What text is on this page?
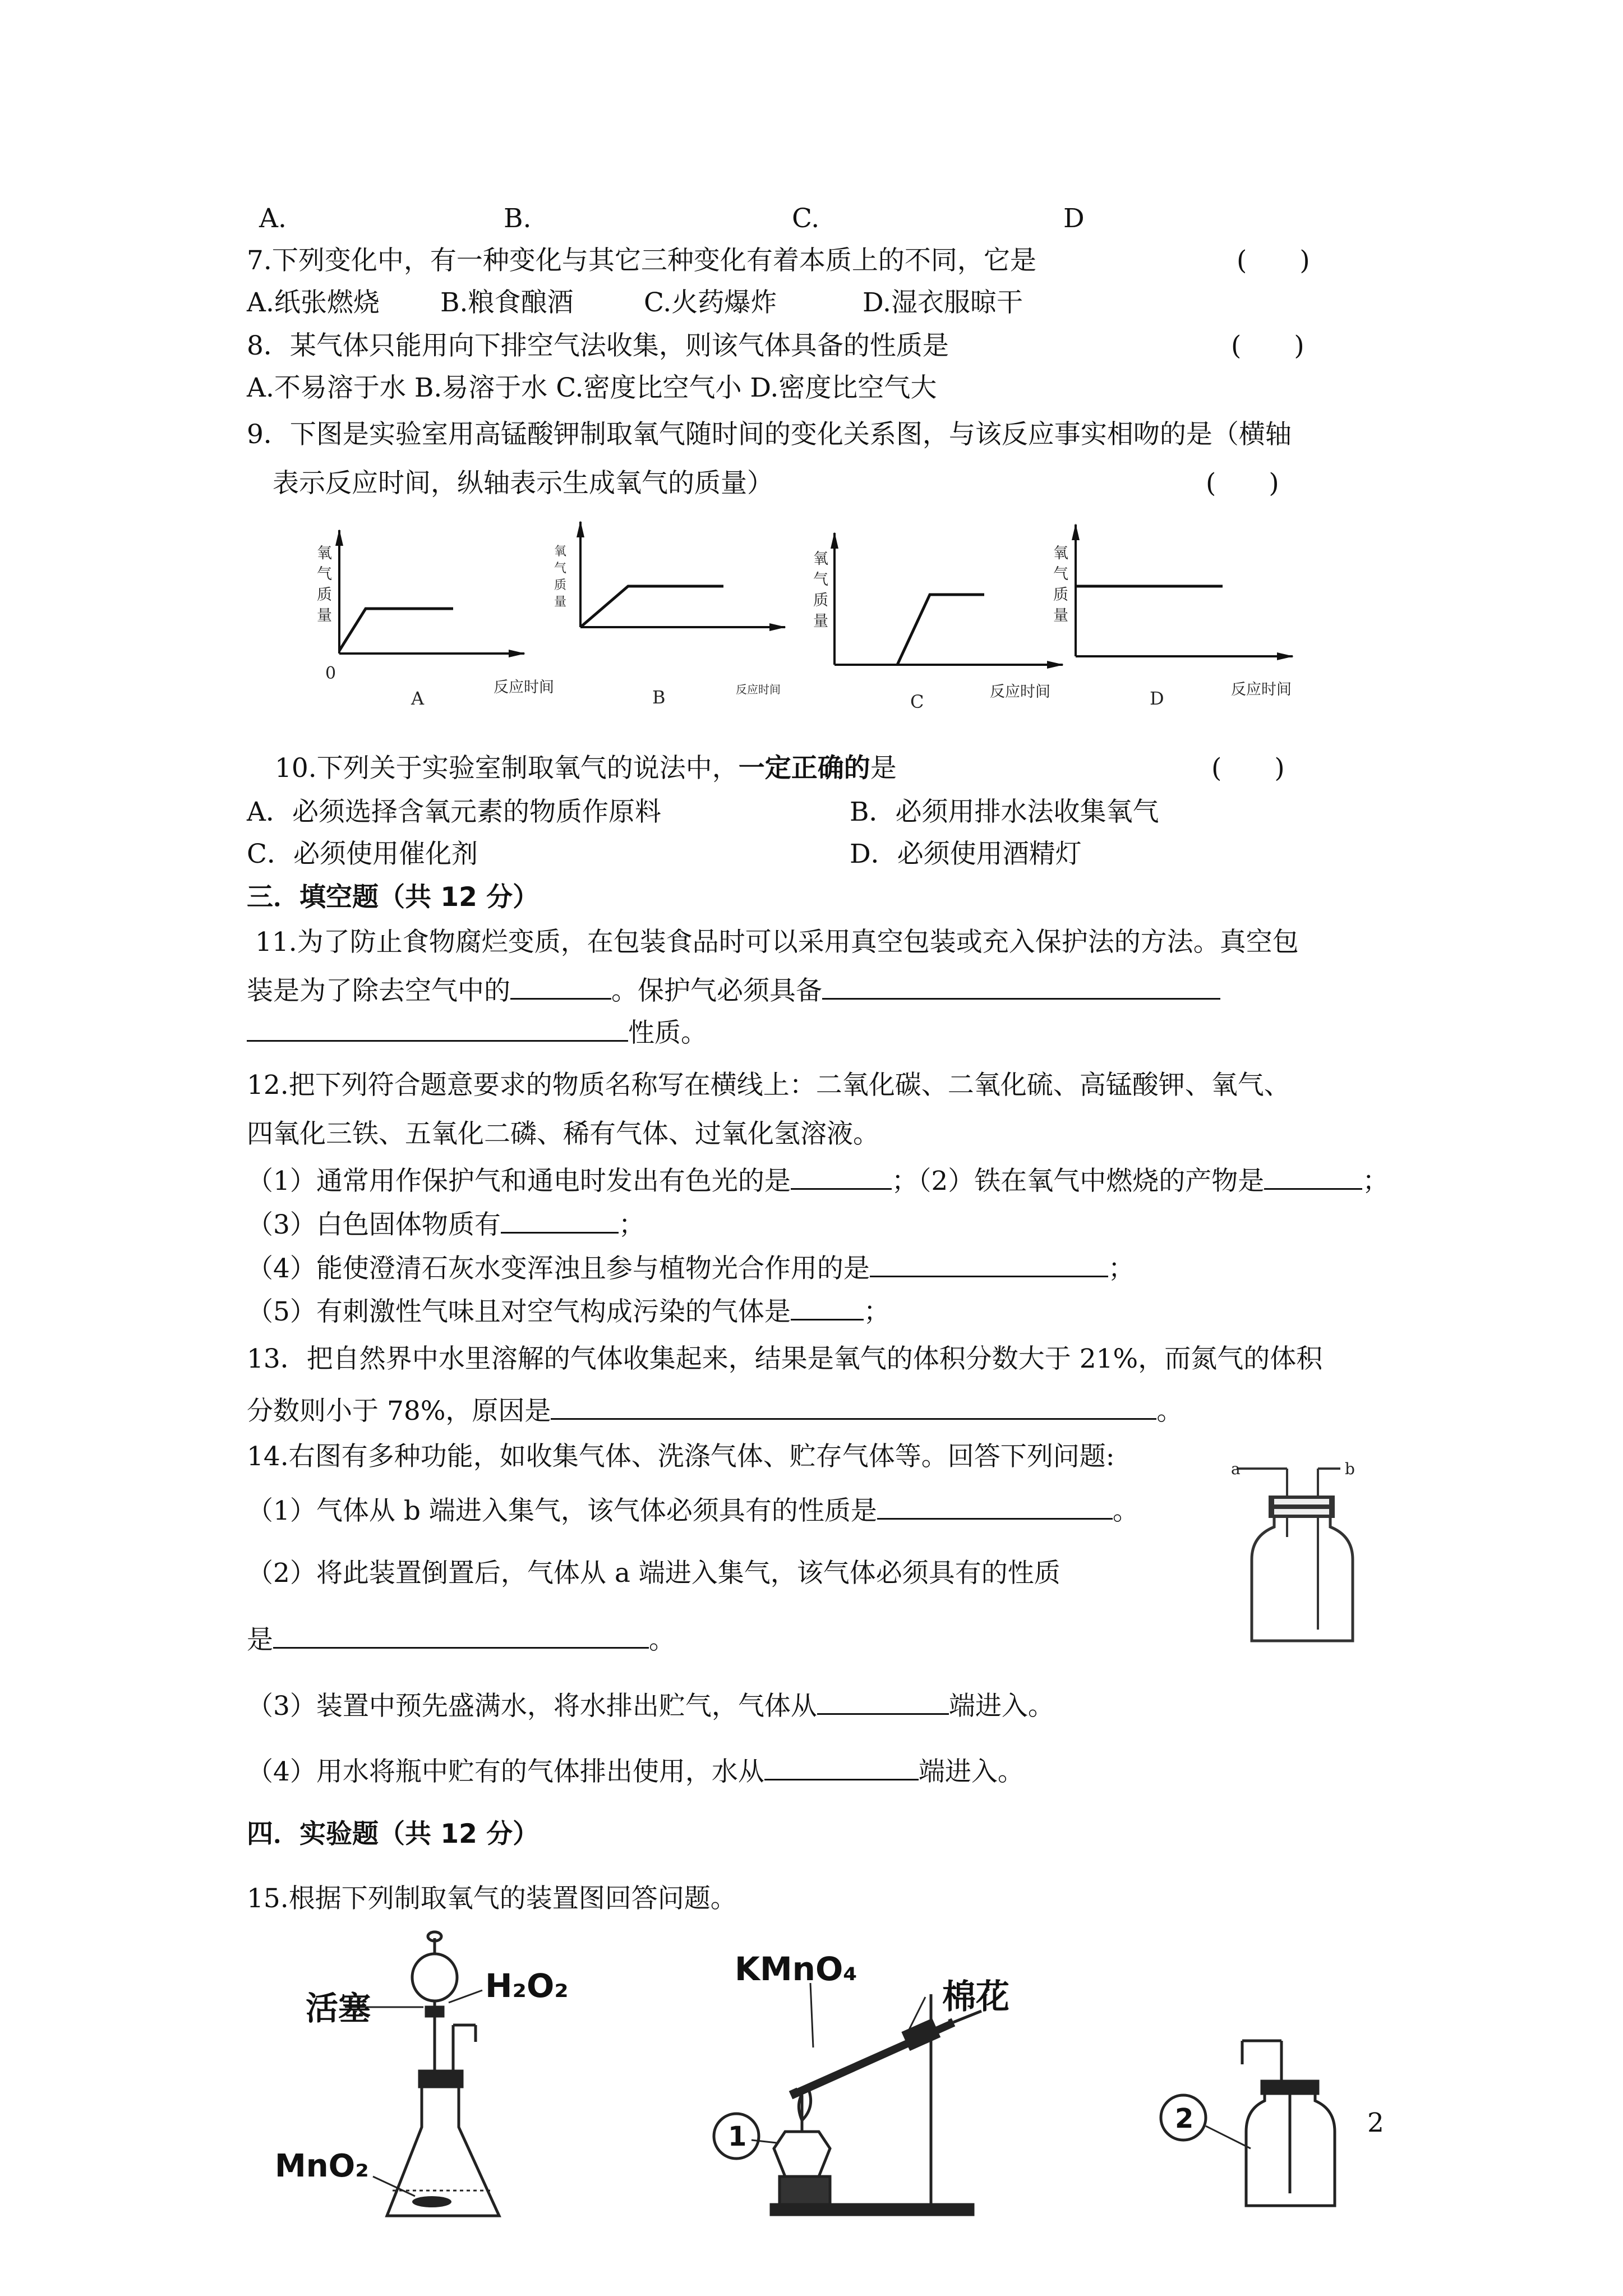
A.	B.	C.	D
7.下列变化中，有一种变化与其它三种变化有着本质上的不同，它是	(　　)
A.纸张燃烧 B.粮食酿酒	C.火药爆炸	D.湿衣服晾干
8．某气体只能用向下排空气法收集，则该气体具备的性质是	(　　)
A.不易溶于水 B.易溶于水 C.密度比空气小 D.密度比空气大
9．下图是实验室用高锰酸钾制取氧气随时间的变化关系图，与该反应事实相吻的是（横轴
表示反应时间，纵轴表示生成氧气的质量）	(　　)
氧
气
质
量
0
反应时间
A
氧
气
质
量
反应时间
B
氧
气
质
量
反应时间
C
氧
气
质
量
反应时间
D
a	b
活塞
H₂O₂
MnO₂
1
KMnO₄
棉花
2
10.下列关于实验室制取氧气的说法中，一定正确的是	(　　)
A．必须选择含氧元素的物质作原料	B．必须用排水法收集氧气
C．必须使用催化剂	D．必须使用酒精灯
三．填空题（共 12 分）
11.为了防止食物腐烂变质，在包装食品时可以采用真空包装或充入保护法的方法。真空包
装是为了除去空气中的	。保护气必须具备
性质。
12.把下列符合题意要求的物质名称写在横线上：二氧化碳、二氧化硫、高锰酸钾、氧气、
四氧化三铁、五氧化二磷、稀有气体、过氧化氢溶液。
（1）通常用作保护气和通电时发出有色光的是	；（2）铁在氧气中燃烧的产物是	；
（3）白色固体物质有	；
（4）能使澄清石灰水变浑浊且参与植物光合作用的是	；
（5）有刺激性气味且对空气构成污染的气体是	；
13．把自然界中水里溶解的气体收集起来，结果是氧气的体积分数大于 21%，而氮气的体积
分数则小于 78%，原因是	。
14.右图有多种功能，如收集气体、洗涤气体、贮存气体等。回答下列问题:
（1）气体从 b 端进入集气，该气体必须具有的性质是	。
（2）将此装置倒置后，气体从 a 端进入集气，该气体必须具有的性质
是	。
（3）装置中预先盛满水，将水排出贮气，气体从	端进入。
（4）用水将瓶中贮有的气体排出使用，水从	端进入。
四．实验题（共 12 分）
15.根据下列制取氧气的装置图回答问题。
2
